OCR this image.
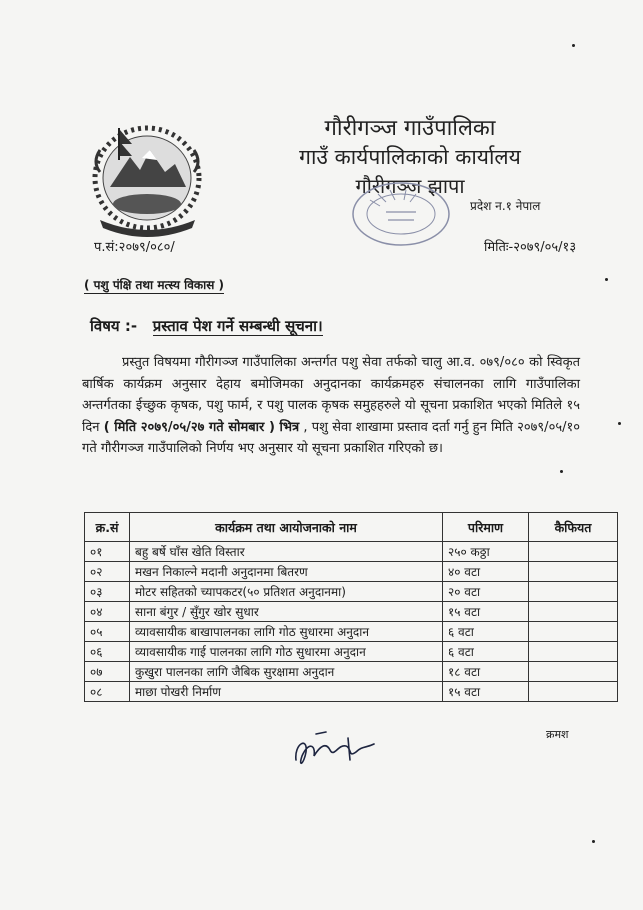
गौरीगञ्ज गाउँपालिका
गाउँ कार्यपालिकाको कार्यालय
गौरीगञ्ज झापा
प्रदेश न.१ नेपाल
प.सं:२०७९/०८०/	मितिः-२०७९/०५/१३
( पशु पंक्षि तथा मत्स्य विकास )
विषय :- प्रस्ताव पेश गर्ने सम्बन्धी सूचना।
प्रस्तुत विषयमा गौरीगञ्ज गाउँपालिका अन्तर्गत पशु सेवा तर्फको चालु आ.व. ०७९/०८० को स्विकृत बार्षिक कार्यक्रम अनुसार देहाय बमोजिमका अनुदानका कार्यक्रमहरु संचालनका लागि गाउँपालिका अन्तर्गतका ईच्छुक कृषक, पशु फार्म, र पशु पालक कृषक समुहहरुले यो सूचना प्रकाशित भएको मितिले १५ दिन ( मिति २०७९/०५/२७ गते सोमबार ) भित्र , पशु सेवा शाखामा प्रस्ताव दर्ता गर्नु हुन मिति २०७९/०५/१० गते गौरीगञ्ज गाउँपालिको निर्णय भए अनुसार यो सूचना प्रकाशित गरिएको छ।
क्र.सं	कार्यक्रम तथा आयोजनाको नाम	परिमाण	कैफियत
०१	बहु बर्षे घाँस खेति विस्तार	२५० कठ्ठा	
०२	मखन निकाल्ने मदानी अनुदानमा बितरण	४० वटा	
०३	मोटर सहितको च्यापकटर(५० प्रतिशत अनुदानमा)	२० वटा	
०४	साना बंगुर / सुँगुर खोर सुधार	१५ वटा	
०५	व्यावसायीक बाखापालनका लागि गोठ सुधारमा अनुदान	६ वटा	
०६	व्यावसायीक गाई पालनका लागि गोठ सुधारमा अनुदान	६ वटा	
०७	कुखुरा पालनका लागि जैबिक सुरक्षामा अनुदान	१८ वटा	
०८	माछा पोखरी निर्माण	१५ वटा	
क्रमश
